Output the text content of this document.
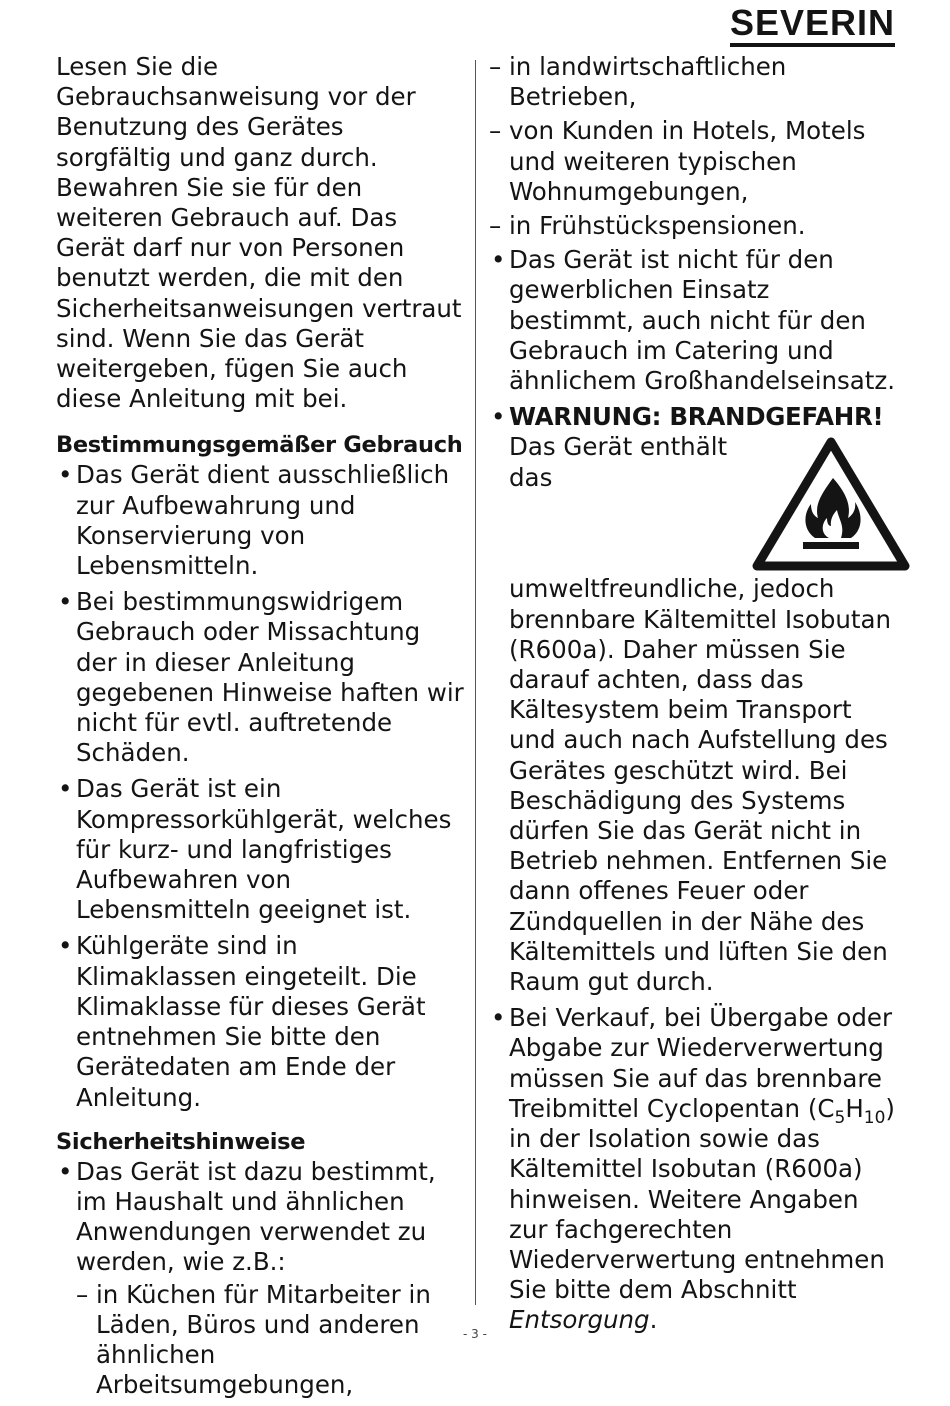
SEVERIN

Lesen Sie die Gebrauchsanweisung vor der Benutzung des Gerätes sorgfältig und ganz durch. Bewahren Sie sie für den weiteren Gebrauch auf. Das Gerät darf nur von Personen benutzt werden, die mit den Sicherheitsanweisungen vertraut sind. Wenn Sie das Gerät weitergeben, fügen Sie auch diese Anleitung mit bei.

Bestimmungsgemäßer Gebrauch
• Das Gerät dient ausschließlich zur Aufbewahrung und Konservierung von Lebensmitteln.
• Bei bestimmungswidrigem Gebrauch oder Missachtung der in dieser Anleitung gegebenen Hinweise haften wir nicht für evtl. auftretende Schäden.
• Das Gerät ist ein Kompressorkühlgerät, welches für kurz- und langfristiges Aufbewahren von Lebensmitteln geeignet ist.
• Kühlgeräte sind in Klimaklassen eingeteilt. Die Klimaklasse für dieses Gerät entnehmen Sie bitte den Gerätedaten am Ende der Anleitung.
Sicherheitshinweise
• Das Gerät ist dazu bestimmt, im Haushalt und ähnlichen Anwendungen verwendet zu werden, wie z.B.:
– in Küchen für Mitarbeiter in Läden, Büros und anderen ähnlichen Arbeitsumgebungen,
– in landwirtschaftlichen Betrieben,
– von Kunden in Hotels, Motels und weiteren typischen Wohnumgebungen,
– in Frühstückspensionen.
• Das Gerät ist nicht für den gewerblichen Einsatz bestimmt, auch nicht für den Gebrauch im Catering und ähnlichem Großhandelseinsatz.
• WARNUNG: BRANDGEFAHR!
Das Gerät enthält das umweltfreundliche, jedoch brennbare Kältemittel Isobutan (R600a). Daher müssen Sie darauf achten, dass das Kältesystem beim Transport und auch nach Aufstellung des Gerätes geschützt wird. Bei Beschädigung des Systems dürfen Sie das Gerät nicht in Betrieb nehmen. Entfernen Sie dann offenes Feuer oder Zündquellen in der Nähe des Kältemittels und lüften Sie den Raum gut durch.
• Bei Verkauf, bei Übergabe oder Abgabe zur Wiederverwertung müssen Sie auf das brennbare Treibmittel Cyclopentan $(C_5H_{10})$ in der Isolation sowie das Kältemittel Isobutan (R600a) hinweisen. Weitere Angaben zur fachgerechten Wiederverwertung entnehmen Sie bitte dem Abschnitt Entsorgung.
- 3 -
